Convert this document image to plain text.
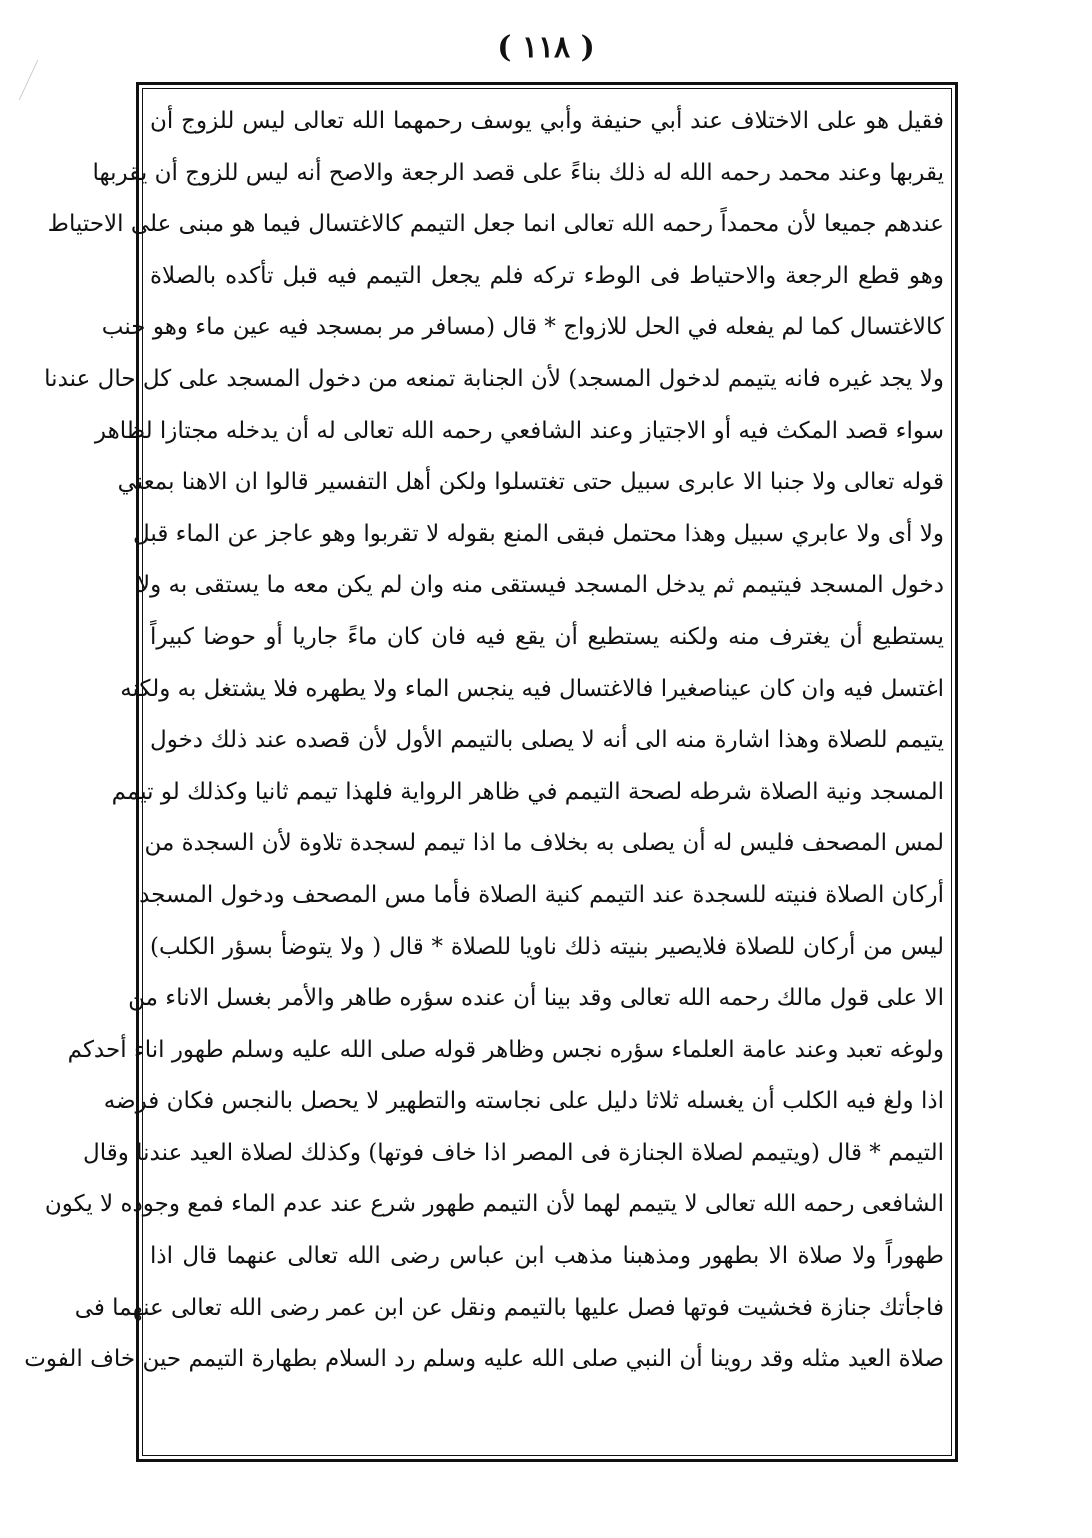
( ١١٨ )
فقيل هو على الاختلاف عند أبي حنيفة وأبي يوسف رحمهما الله تعالى ليس للزوج أن
يقربها وعند محمد رحمه الله له ذلك بناءً على قصد الرجعة والاصح أنه ليس للزوج أن يقربها
عندهم جميعا لأن محمداً رحمه الله تعالى انما جعل التيمم كالاغتسال فيما هو مبنى على الاحتياط
وهو قطع الرجعة والاحتياط فى الوطء تركه فلم يجعل التيمم فيه قبل تأكده بالصلاة
كالاغتسال كما لم يفعله في الحل للازواج * قال (مسافر مر بمسجد فيه عين ماء وهو جنب
ولا يجد غيره فانه يتيمم لدخول المسجد) لأن الجنابة تمنعه من دخول المسجد على كل حال عندنا
سواء قصد المكث فيه أو الاجتياز وعند الشافعي رحمه الله تعالى له أن يدخله مجتازا لظاهر
قوله تعالى ولا جنبا الا عابرى سبيل حتى تغتسلوا ولكن أهل التفسير قالوا ان الاهنا بمعني
ولا أى ولا عابري سبيل وهذا محتمل فبقى المنع بقوله لا تقربوا وهو عاجز عن الماء قبل
دخول المسجد فيتيمم ثم يدخل المسجد فيستقى منه وان لم يكن معه ما يستقى به ولا
يستطيع أن يغترف منه ولكنه يستطيع أن يقع فيه فان كان ماءً جاريا أو حوضا كبيراً
اغتسل فيه وان كان عيناصغيرا فالاغتسال فيه ينجس الماء ولا يطهره فلا يشتغل به ولكنه
يتيمم للصلاة وهذا اشارة منه الى أنه لا يصلى بالتيمم الأول لأن قصده عند ذلك دخول
المسجد ونية الصلاة شرطه لصحة التيمم في ظاهر الرواية فلهذا تيمم ثانيا وكذلك لو تيمم
لمس المصحف فليس له أن يصلى به بخلاف ما اذا تيمم لسجدة تلاوة لأن السجدة من
أركان الصلاة فنيته للسجدة عند التيمم كنية الصلاة فأما مس المصحف ودخول المسجد
ليس من أركان للصلاة فلايصير بنيته ذلك ناويا للصلاة * قال ( ولا يتوضأ بسؤر الكلب)
الا على قول مالك رحمه الله تعالى وقد بينا أن عنده سؤره طاهر والأمر بغسل الاناء من
ولوغه تعبد وعند عامة العلماء سؤره نجس وظاهر قوله صلى الله عليه وسلم طهور اناء أحدكم
اذا ولغ فيه الكلب أن يغسله ثلاثا دليل على نجاسته والتطهير لا يحصل بالنجس فكان فرضه
التيمم * قال (ويتيمم لصلاة الجنازة فى المصر اذا خاف فوتها) وكذلك لصلاة العيد عندنا وقال
الشافعى رحمه الله تعالى لا يتيمم لهما لأن التيمم طهور شرع عند عدم الماء فمع وجوده لا يكون
طهوراً ولا صلاة الا بطهور ومذهبنا مذهب ابن عباس رضى الله تعالى عنهما قال اذا
فاجأتك جنازة فخشيت فوتها فصل عليها بالتيمم ونقل عن ابن عمر رضى الله تعالى عنهما فى
صلاة العيد مثله وقد روينا أن النبي صلى الله عليه وسلم رد السلام بطهارة التيمم حين خاف الفوت
